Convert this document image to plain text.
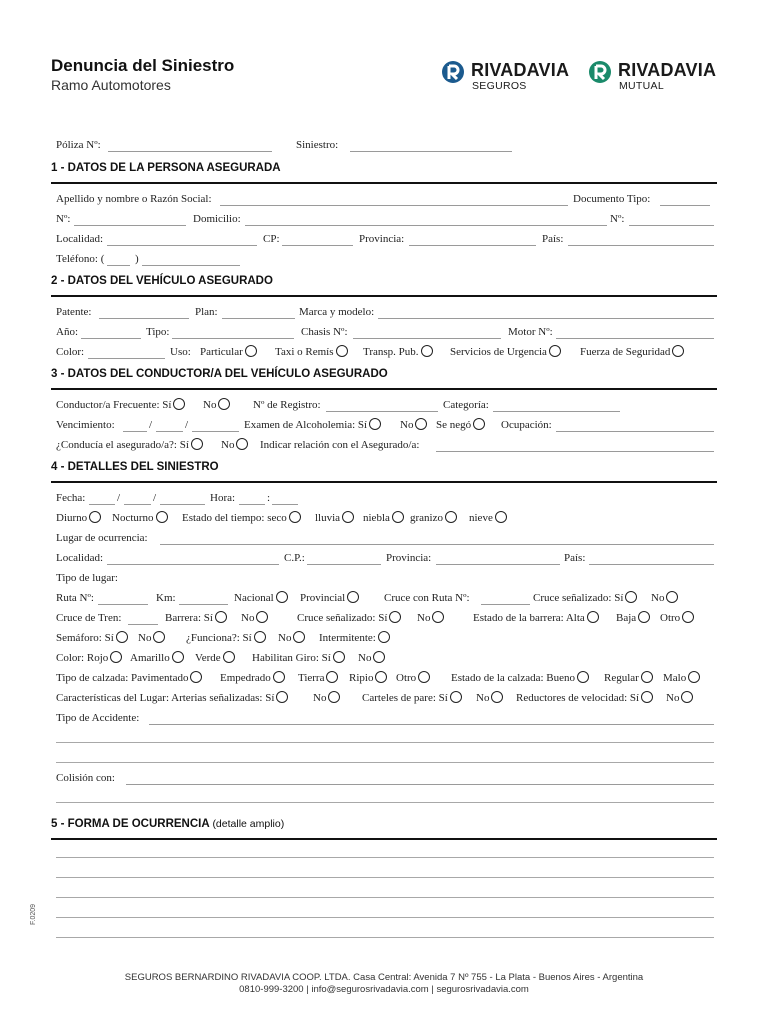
Denuncia del Siniestro
Ramo Automotores
RIVADAVIA
SEGUROS
RIVADAVIA
MUTUAL
Póliza Nº:	Siniestro:
1 - DATOS DE LA PERSONA ASEGURADA
Apellido y nombre o Razón Social:	Documento Tipo:
Nº:	Domicilio:	Nº:
Localidad:	CP:	Provincia:	País:
Teléfono: (	)
2 - DATOS DEL VEHÍCULO ASEGURADO
Patente:	Plan:	Marca y modelo:
Año:	Tipo:	Chasis Nº:	Motor Nº:
Color:	Uso: Particular	Taxi o Remís	Transp. Pub.	Servicios de Urgencia	Fuerza de Seguridad
3 - DATOS DEL CONDUCTOR/A DEL VEHÍCULO ASEGURADO
Conductor/a Frecuente: Sí	No	Nº de Registro:	Categoría:
Vencimiento:	/	/	Examen de Alcoholemia: Sí	No	Se negó	Ocupación:
¿Conducía el asegurado/a?: Sí	No	Indicar relación con el Asegurado/a:
4 - DETALLES DEL SINIESTRO
Fecha:	/	/	Hora:	:
Diurno	Nocturno	Estado del tiempo: seco	lluvia	niebla	granizo	nieve
Lugar de ocurrencia:
Localidad:	C.P.:	Provincia:	País:
Tipo de lugar:
Ruta Nº:	Km:	Nacional	Provincial	Cruce con Ruta Nº:	Cruce señalizado: Sí	No
Cruce de Tren:	Barrera: Sí	No	Cruce señalizado: Sí	No	Estado de la barrera: Alta	Baja	Otro
Semáforo: Sí	No	¿Funciona?: Sí	No	Intermitente:
Color: Rojo	Amarillo	Verde	Habilitan Giro: Sí	No
Tipo de calzada: Pavimentado	Empedrado	Tierra	Ripio	Otro	Estado de la calzada: Bueno	Regular	Malo
Características del Lugar: Arterias señalizadas: Sí	No	Carteles de pare: Sí	No	Reductores de velocidad: Sí	No
Tipo de Accidente:
Colisión con:
5 - FORMA DE OCURRENCIA (detalle amplio)
F.0209
SEGUROS BERNARDINO RIVADAVIA COOP. LTDA. Casa Central: Avenida 7 Nº 755 - La Plata - Buenos Aires - Argentina
0810-999-3200 | info@segurosrivadavia.com | segurosrivadavia.com
